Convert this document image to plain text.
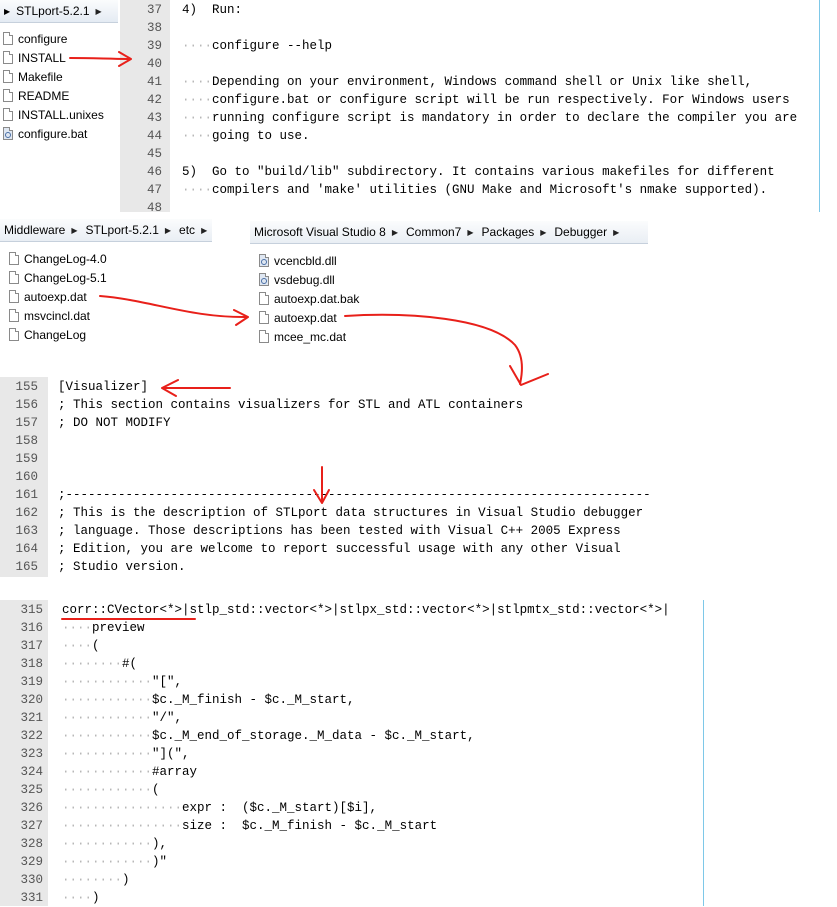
▶ STLport-5.2.1 ▶
configure
INSTALL
Makefile
README
INSTALL.unixes
configure.bat
37 4)  Run:
38
39 ····configure --help
40
41 ····Depending on your environment, Windows command shell or Unix like shell,
42 ····configure.bat or configure script will be run respectively. For Windows users
43 ····running configure script is mandatory in order to declare the compiler you are
44 ····going to use.
45
46 5)  Go to "build/lib" subdirectory. It contains various makefiles for different
47 ····compilers and 'make' utilities (GNU Make and Microsoft's nmake supported).
48
Middleware ▶ STLport-5.2.1 ▶ etc ▶
ChangeLog-4.0
ChangeLog-5.1
autoexp.dat
msvcincl.dat
ChangeLog
Microsoft Visual Studio 8 ▶ Common7 ▶ Packages ▶ Debugger ▶
vcencbld.dll
vsdebug.dll
autoexp.dat.bak
autoexp.dat
mcee_mc.dat
155 [Visualizer]
156 ; This section contains visualizers for STL and ATL containers
157 ; DO NOT MODIFY
158
159
160
161 ;------------------------------------------------------------------------------
162 ; This is the description of STLport data structures in Visual Studio debugger
163 ; language. Those descriptions has been tested with Visual C++ 2005 Express
164 ; Edition, you are welcome to report successful usage with any other Visual
165 ; Studio version.
315 corr::CVector<*>|stlp_std::vector<*>|stlpx_std::vector<*>|stlpmtx_std::vector<*>|
316 ····preview
317 ····(
318 ········#(
319 ············"[",
320 ············$c._M_finish - $c._M_start,
321 ············"/",
322 ············$c._M_end_of_storage._M_data - $c._M_start,
323 ············"](",
324 ············#array
325 ············(
326 ················expr :  ($c._M_start)[$i],
327 ················size :  $c._M_finish - $c._M_start
328 ············),
329 ············)"
330 ········)
331 ····)
